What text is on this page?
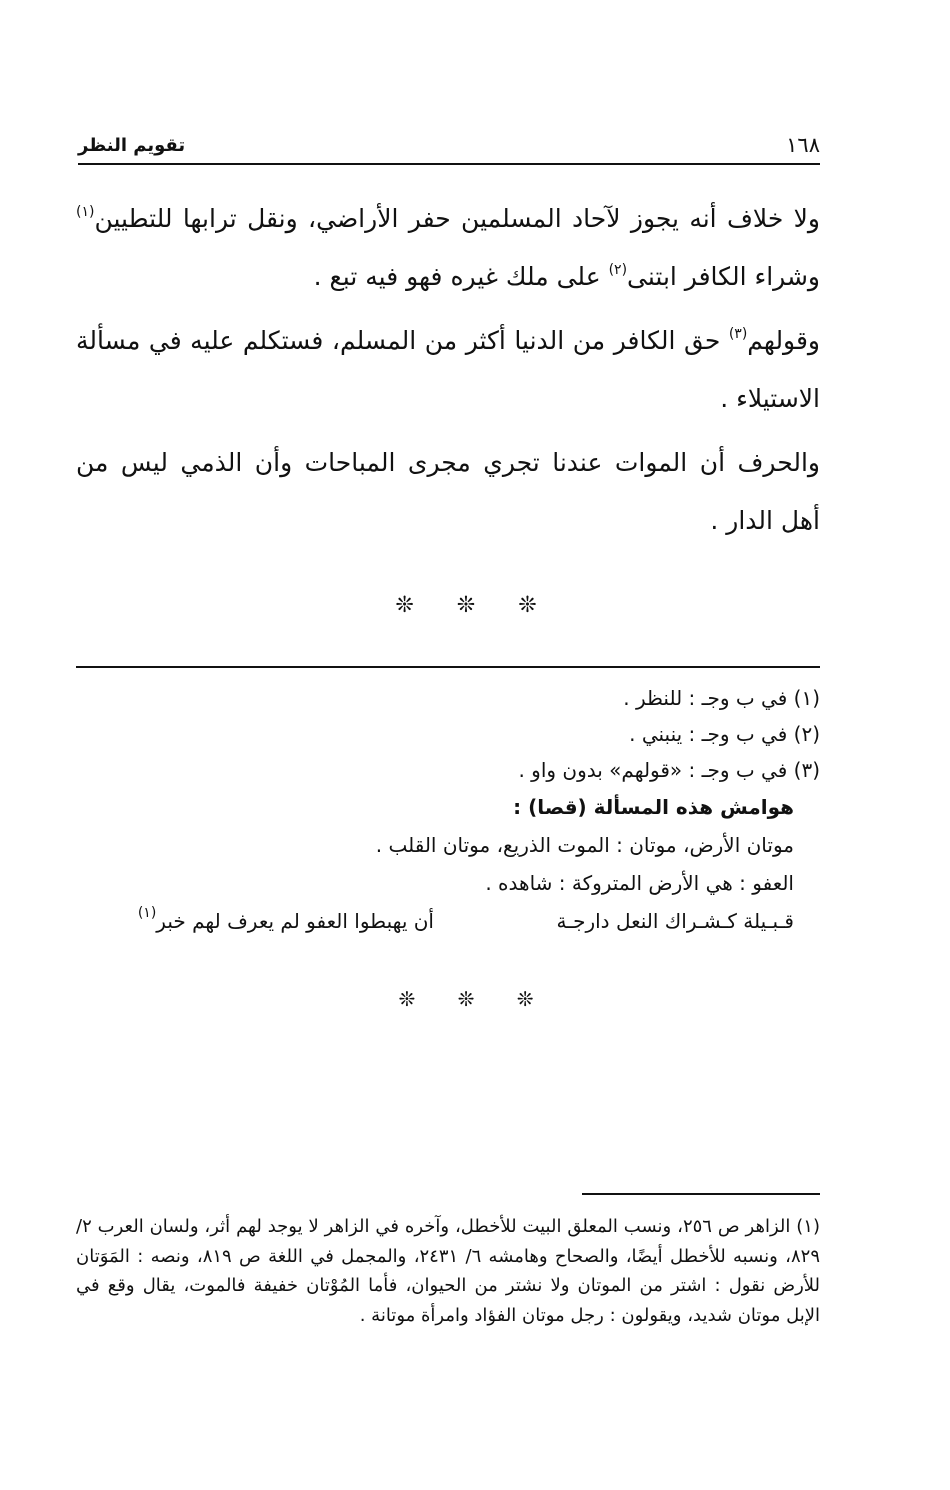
١٦٨
تقويم النظر

ولا خلاف أنه يجوز لآحاد المسلمين حفر الأراضي، ونقل ترابها للتطيين$^{(١)}$ وشراء الكافر ابتنى$^{(٢)}$ على ملك غيره فهو فيه تبع .

وقولهم$^{(٣)}$ حق الكافر من الدنيا أكثر من المسلم، فستكلم عليه في مسألة الاستيلاء .

والحرف أن الموات عندنا تجري مجرى المباحات وأن الذمي ليس من أهل الدار .

❊ ❊ ❊

(١) في ب وجـ : للنظر .

(٢) في ب وجـ : ينبني .

(٣) في ب وجـ : «قولهم» بدون واو .

هوامش هذه المسألة (قصا) :

موتان الأرض، موتان : الموت الذريع، موتان القلب .

العفو : هي الأرض المتروكة : شاهده .

قـبـيلة كـشـراك النعل دارجـة
أن يهبطوا العفو لم يعرف لهم خبر$^{(١)}$
❊ ❊ ❊

(١) الزاهر ص ٢٥٦، ونسب المعلق البيت للأخطل، وآخره في الزاهر لا يوجد لهم أثر، ولسان العرب ٢/ ٨٢٩، ونسبه للأخطل أيضًا، والصحاح وهامشه ٦/ ٢٤٣١، والمجمل في اللغة ص ٨١٩، ونصه : المَوَتان للأرض نقول : اشتر من الموتان ولا نشتر من الحيوان، فأما المُوْتان خفيفة فالموت، يقال وقع في الإبل موتان شديد، ويقولون : رجل موتان الفؤاد وامرأة موتانة .
